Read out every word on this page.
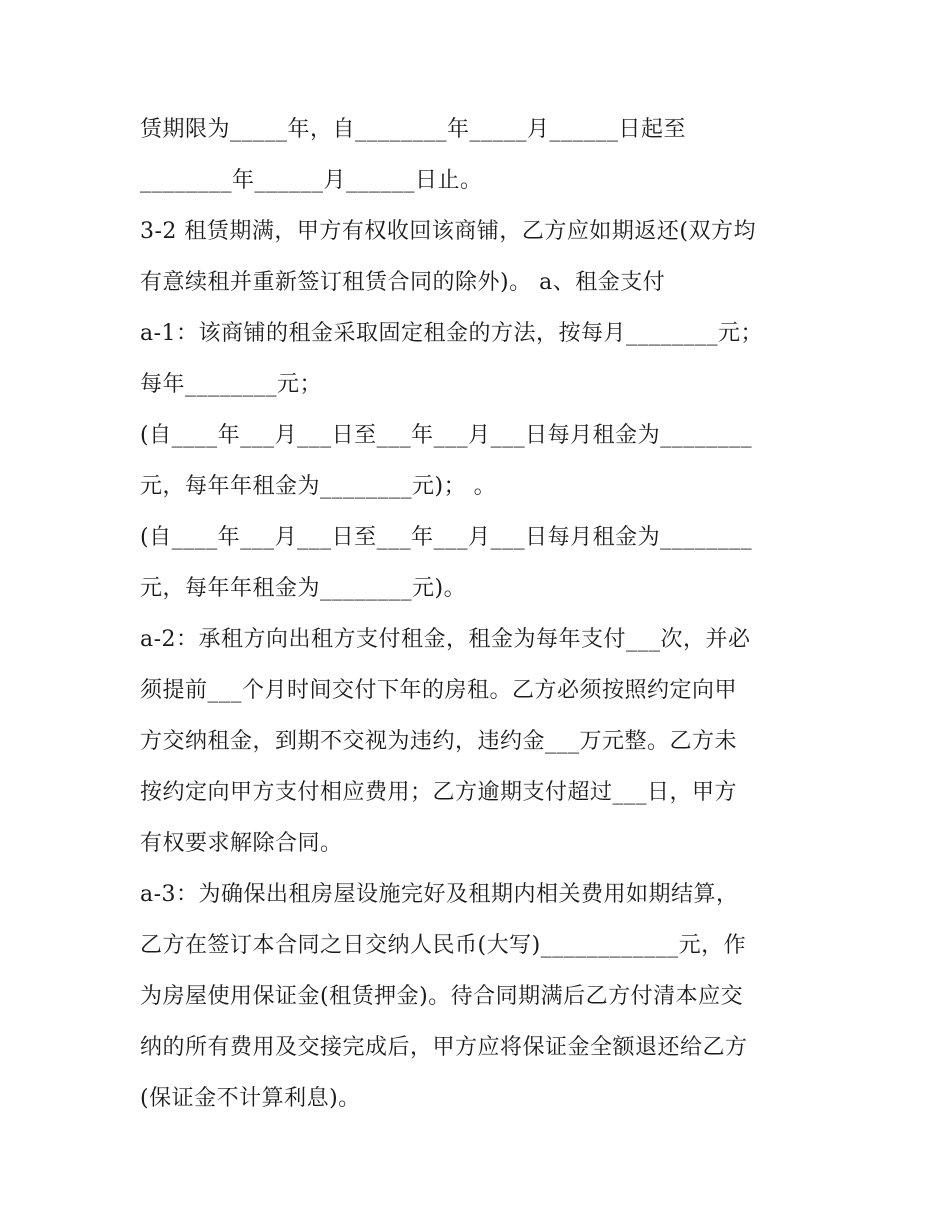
赁期限为_____年，自________年_____月______日起至
________年______月______日止。
3-2 租赁期满，甲方有权收回该商铺，乙方应如期返还(双方均
有意续租并重新签订租赁合同的除外)。 a、租金支付
a-1：该商铺的租金采取固定租金的方法，按每月________元；
每年________元；
(自____年___月___日至___年___月___日每月租金为________
元，每年年租金为________元)； 。
(自____年___月___日至___年___月___日每月租金为________
元，每年年租金为________元)。
a-2：承租方向出租方支付租金，租金为每年支付___次，并必
须提前___个月时间交付下年的房租。乙方必须按照约定向甲
方交纳租金，到期不交视为违约，违约金___万元整。乙方未
按约定向甲方支付相应费用；乙方逾期支付超过___日，甲方
有权要求解除合同。
a-3：为确保出租房屋设施完好及租期内相关费用如期结算，
乙方在签订本合同之日交纳人民币(大写)____________元，作
为房屋使用保证金(租赁押金)。待合同期满后乙方付清本应交
纳的所有费用及交接完成后，甲方应将保证金全额退还给乙方
(保证金不计算利息)。
